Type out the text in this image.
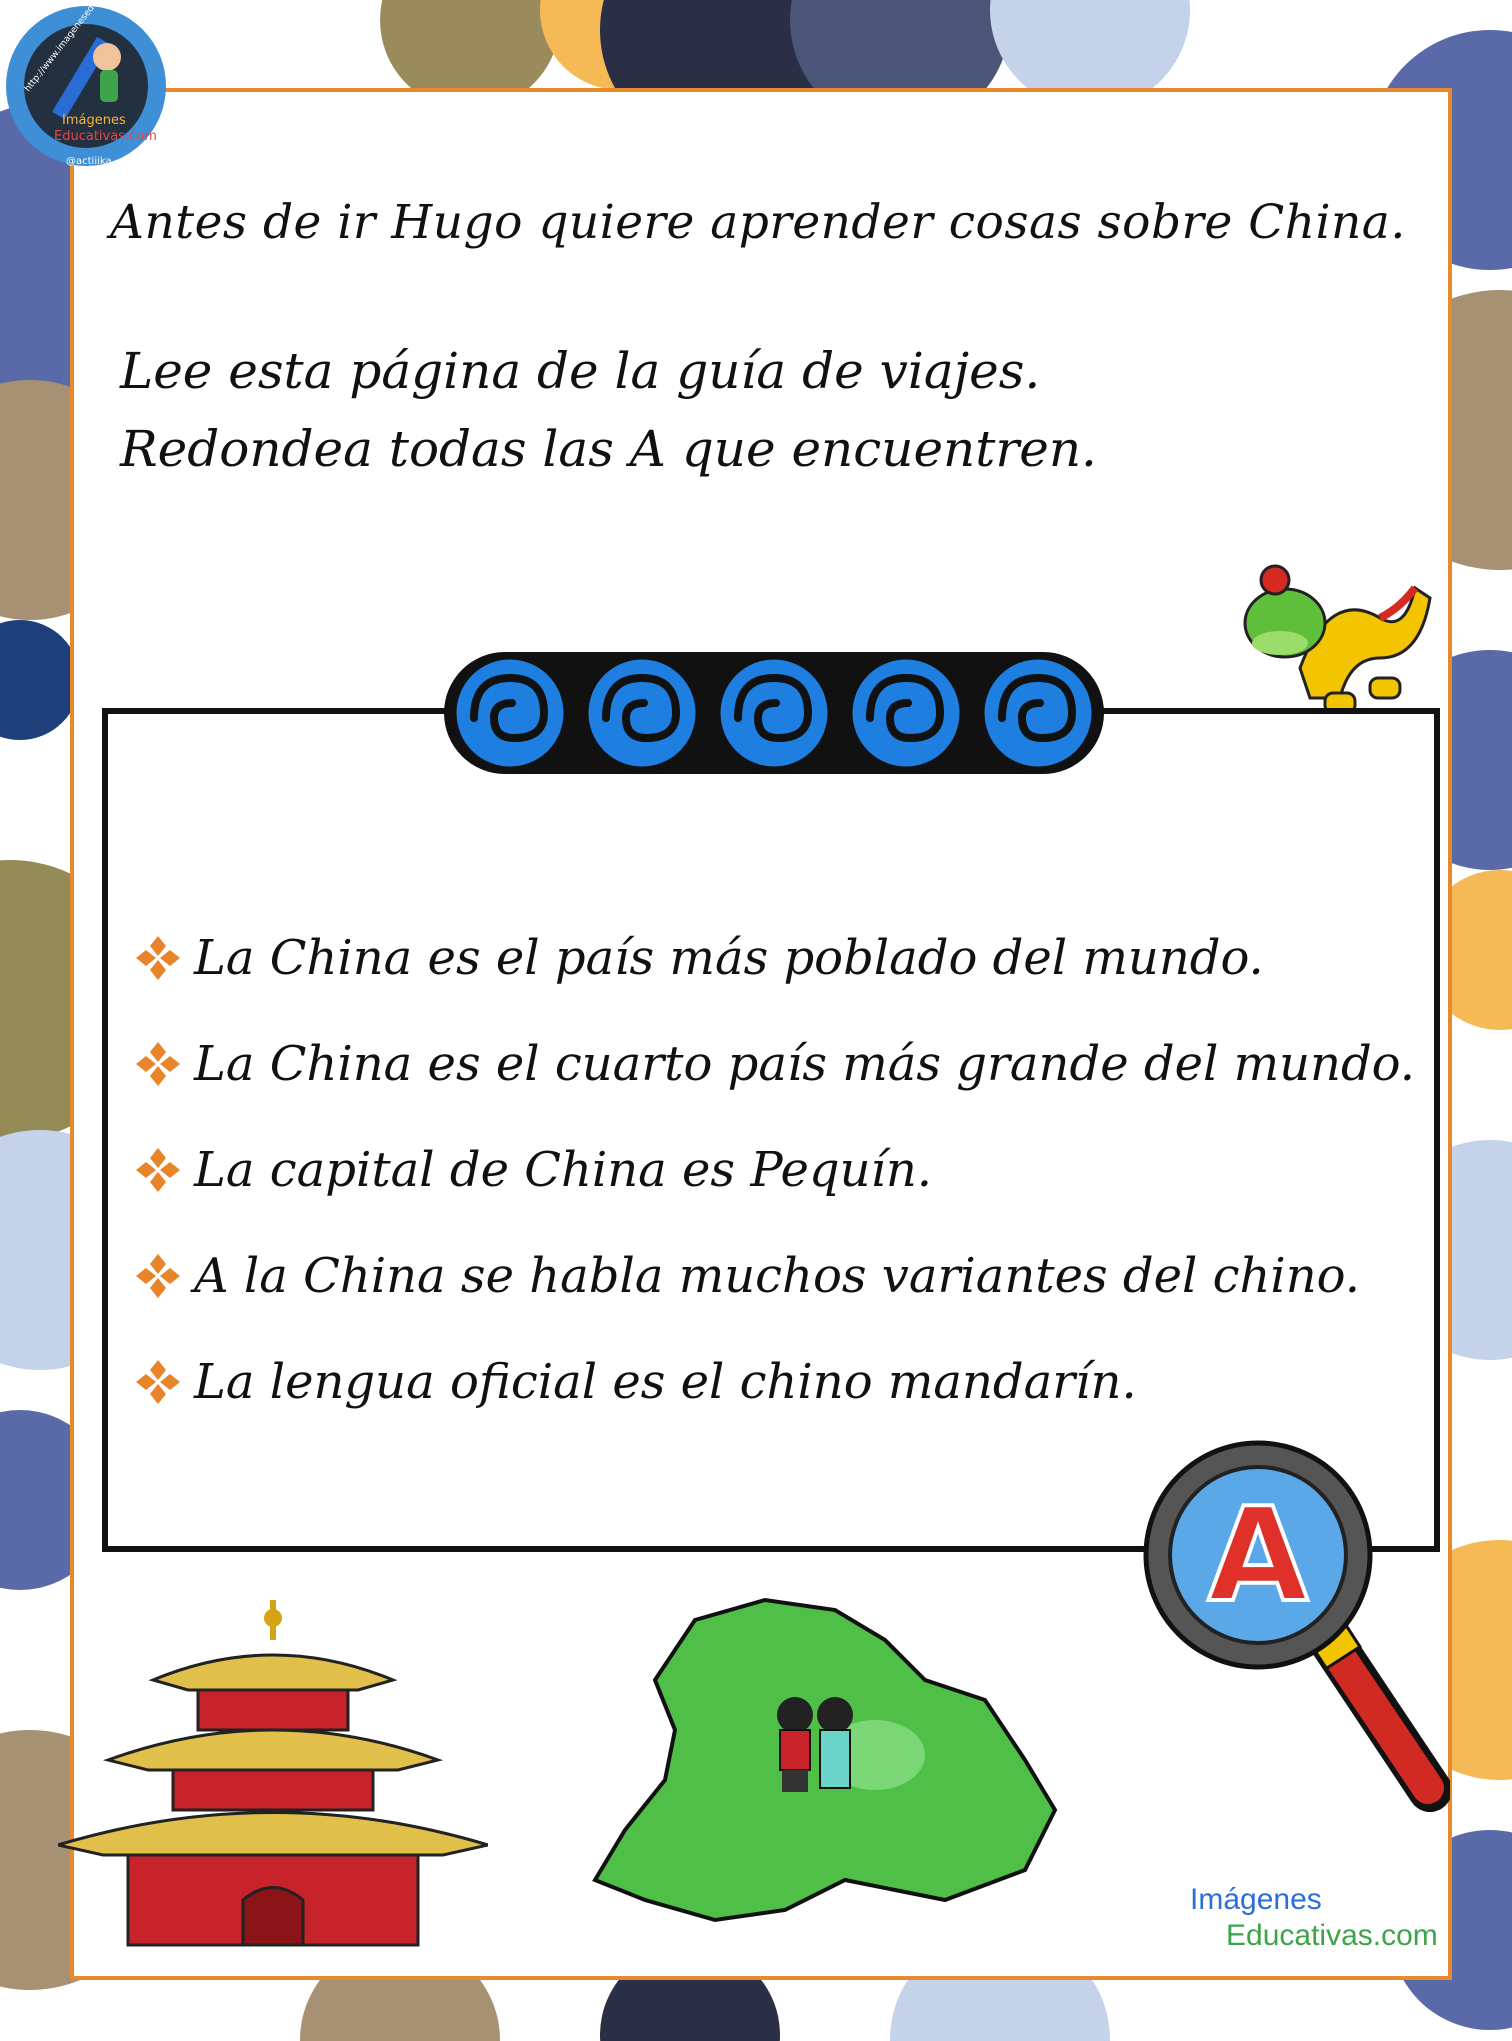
Imágenes
Educativas.com
@actiiika
Antes de ir Hugo quiere aprender cosas sobre China.
Lee esta página de la guía de viajes.
Redondea todas las A que encuentren.
La China es el país más poblado del mundo.
La China es el cuarto país más grande del mundo.
La capital de China es Pequín.
A la China se habla muchos variantes del chino.
La lengua oficial es el chino mandarín.
A
Imágenes
Educativas.com
